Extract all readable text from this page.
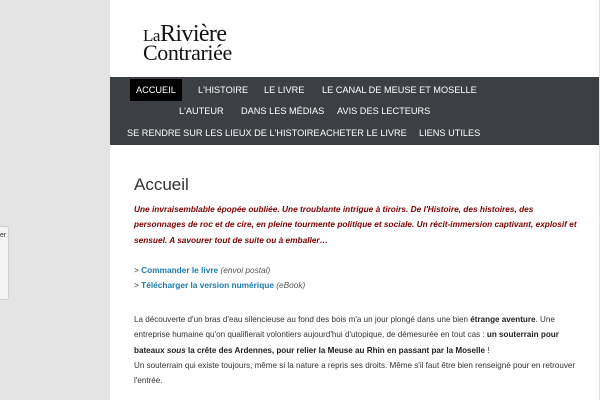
er
LaRivière
Contrariée
ACCUEIL	L'HISTOIRE LE LIVRE LE CANAL DE MEUSE ET MOSELLE
L'AUTEUR DANS LES MÉDIAS AVIS DES LECTEURS
SE RENDRE SUR LES LIEUX DE L'HISTOIRE ACHETER LE LIVRE LIENS UTILES
Accueil
Une invraisemblable épopée oubliée. Une troublante intrigue à tiroirs. De l'Histoire, des histoires, des personnages de roc et de cire, en pleine tourmente politique et sociale. Un récit-immersion captivant, explosif et sensuel. A savourer tout de suite ou à emballer…
> Commander le livre (envoi postal)
> Télécharger la version numérique (eBook)
La découverte d'un bras d'eau silencieuse au fond des bois m'a un jour plongé dans une bien étrange aventure. Une entreprise humaine qu'on qualifierait volontiers aujourd'hui d'utopique, de démesurée en tout cas : un souterrain pour bateaux sous la crête des Ardennes, pour relier la Meuse au Rhin en passant par la Moselle !
Un souterrain qui existe toujours, même si la nature a repris ses droits. Même s'il faut être bien renseigné pour en retrouver l'entrée.
